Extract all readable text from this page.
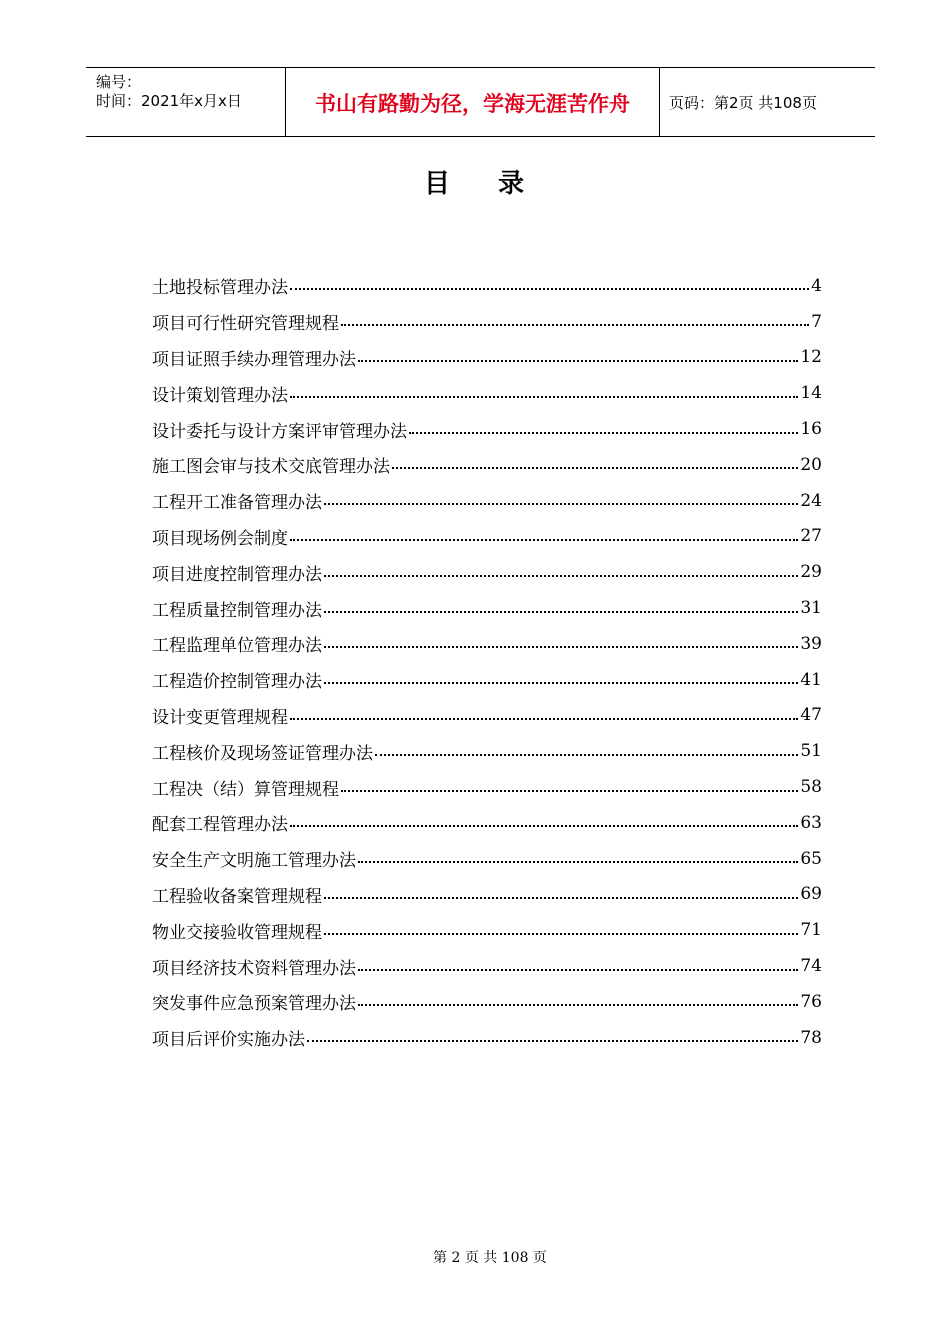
编号：
时间：2021年x月x日	书山有路勤为径，学海无涯苦作舟	页码：第2页 共108页
目 录
土地投标管理办法	4
项目可行性研究管理规程	7
项目证照手续办理管理办法	12
设计策划管理办法	14
设计委托与设计方案评审管理办法	16
施工图会审与技术交底管理办法	20
工程开工准备管理办法	24
项目现场例会制度	27
项目进度控制管理办法	29
工程质量控制管理办法	31
工程监理单位管理办法	39
工程造价控制管理办法	41
设计变更管理规程	47
工程核价及现场签证管理办法	51
工程决（结）算管理规程	58
配套工程管理办法	63
安全生产文明施工管理办法	65
工程验收备案管理规程	69
物业交接验收管理规程	71
项目经济技术资料管理办法	74
突发事件应急预案管理办法	76
项目后评价实施办法	78
第 2 页 共 108 页
